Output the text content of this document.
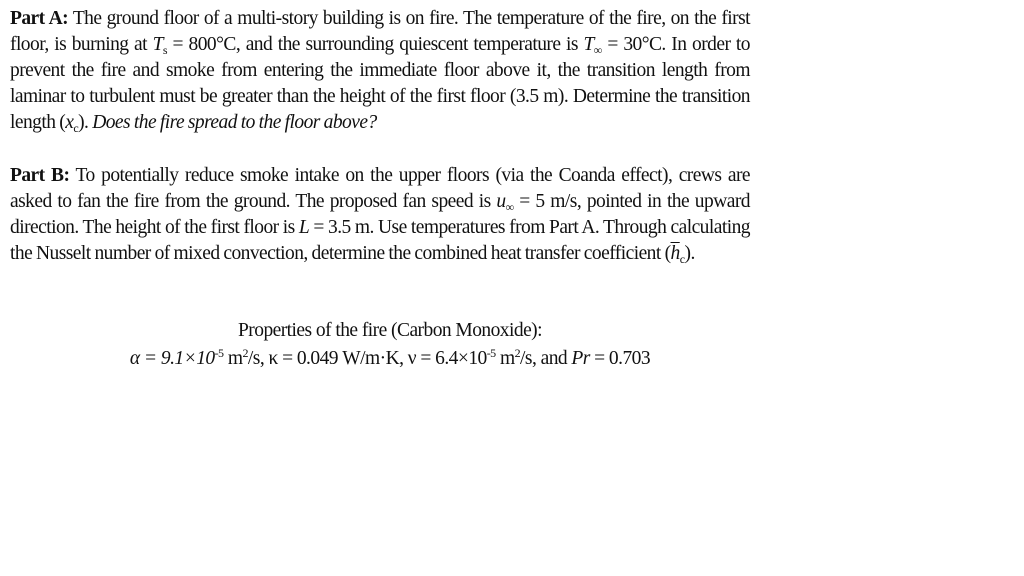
Part A: The ground floor of a multi-story building is on fire. The temperature of the fire, on the first floor, is burning at $T_s = 800^\circ C$, and the surrounding quiescent temperature is $T_\infty = 30^\circ C$. In order to prevent the fire and smoke from entering the immediate floor above it, the transition length from laminar to turbulent must be greater than the height of the first floor (3.5 m). Determine the transition length $(x_c)$. Does the fire spread to the floor above?

Part B: To potentially reduce smoke intake on the upper floors (via the Coanda effect), crews are asked to fan the fire from the ground. The proposed fan speed is $u_\infty = 5$ m/s, pointed in the upward direction. The height of the first floor is L = 3.5 m. Use temperatures from Part A. Through calculating the Nusselt number of mixed convection, determine the combined heat transfer coefficient $(\overline{h}_c)$.

Properties of the fire (Carbon Monoxide):
$\alpha = 9.1\times 10^{-5}$ $m^2/s$, κ = 0.049 W/m·K, $\nu = 6.4\times 10^{-5}$ $m^2/s$, and Pr = 0.703
